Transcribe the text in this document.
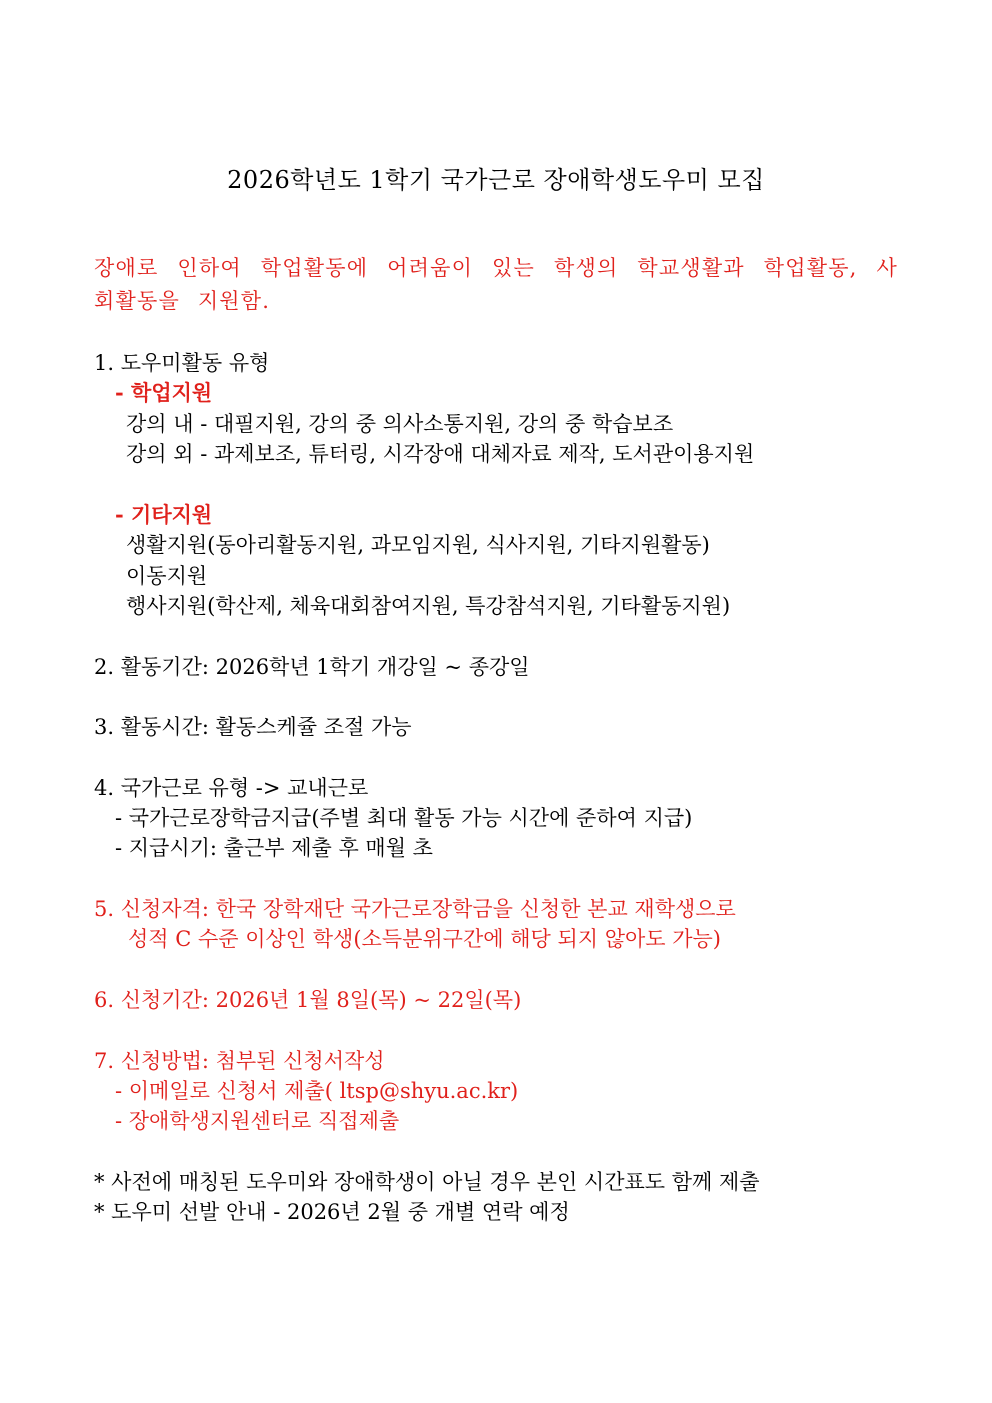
2026학년도 1학기 국가근로 장애학생도우미 모집
장애로 인하여 학업활동에 어려움이 있는 학생의 학교생활과 학업활동, 사회활동을 지원함.
1. 도우미활동 유형
- 학업지원
강의 내 - 대필지원, 강의 중 의사소통지원, 강의 중 학습보조
강의 외 - 과제보조, 튜터링, 시각장애 대체자료 제작, 도서관이용지원
- 기타지원
생활지원(동아리활동지원, 과모임지원, 식사지원, 기타지원활동)
이동지원
행사지원(학산제, 체육대회참여지원, 특강참석지원, 기타활동지원)
2. 활동기간: 2026학년 1학기 개강일 ~ 종강일
3. 활동시간: 활동스케쥴 조절 가능
4. 국가근로 유형 -> 교내근로
- 국가근로장학금지급(주별 최대 활동 가능 시간에 준하여 지급)
- 지급시기: 출근부 제출 후 매월 초
5. 신청자격: 한국 장학재단 국가근로장학금을 신청한 본교 재학생으로
성적 C 수준 이상인 학생(소득분위구간에 해당 되지 않아도 가능)
6. 신청기간: 2026년 1월 8일(목) ~ 22일(목)
7. 신청방법: 첨부된 신청서작성
- 이메일로 신청서 제출( ltsp@shyu.ac.kr)
- 장애학생지원센터로 직접제출
* 사전에 매칭된 도우미와 장애학생이 아닐 경우 본인 시간표도 함께 제출
* 도우미 선발 안내 - 2026년 2월 중 개별 연락 예정
